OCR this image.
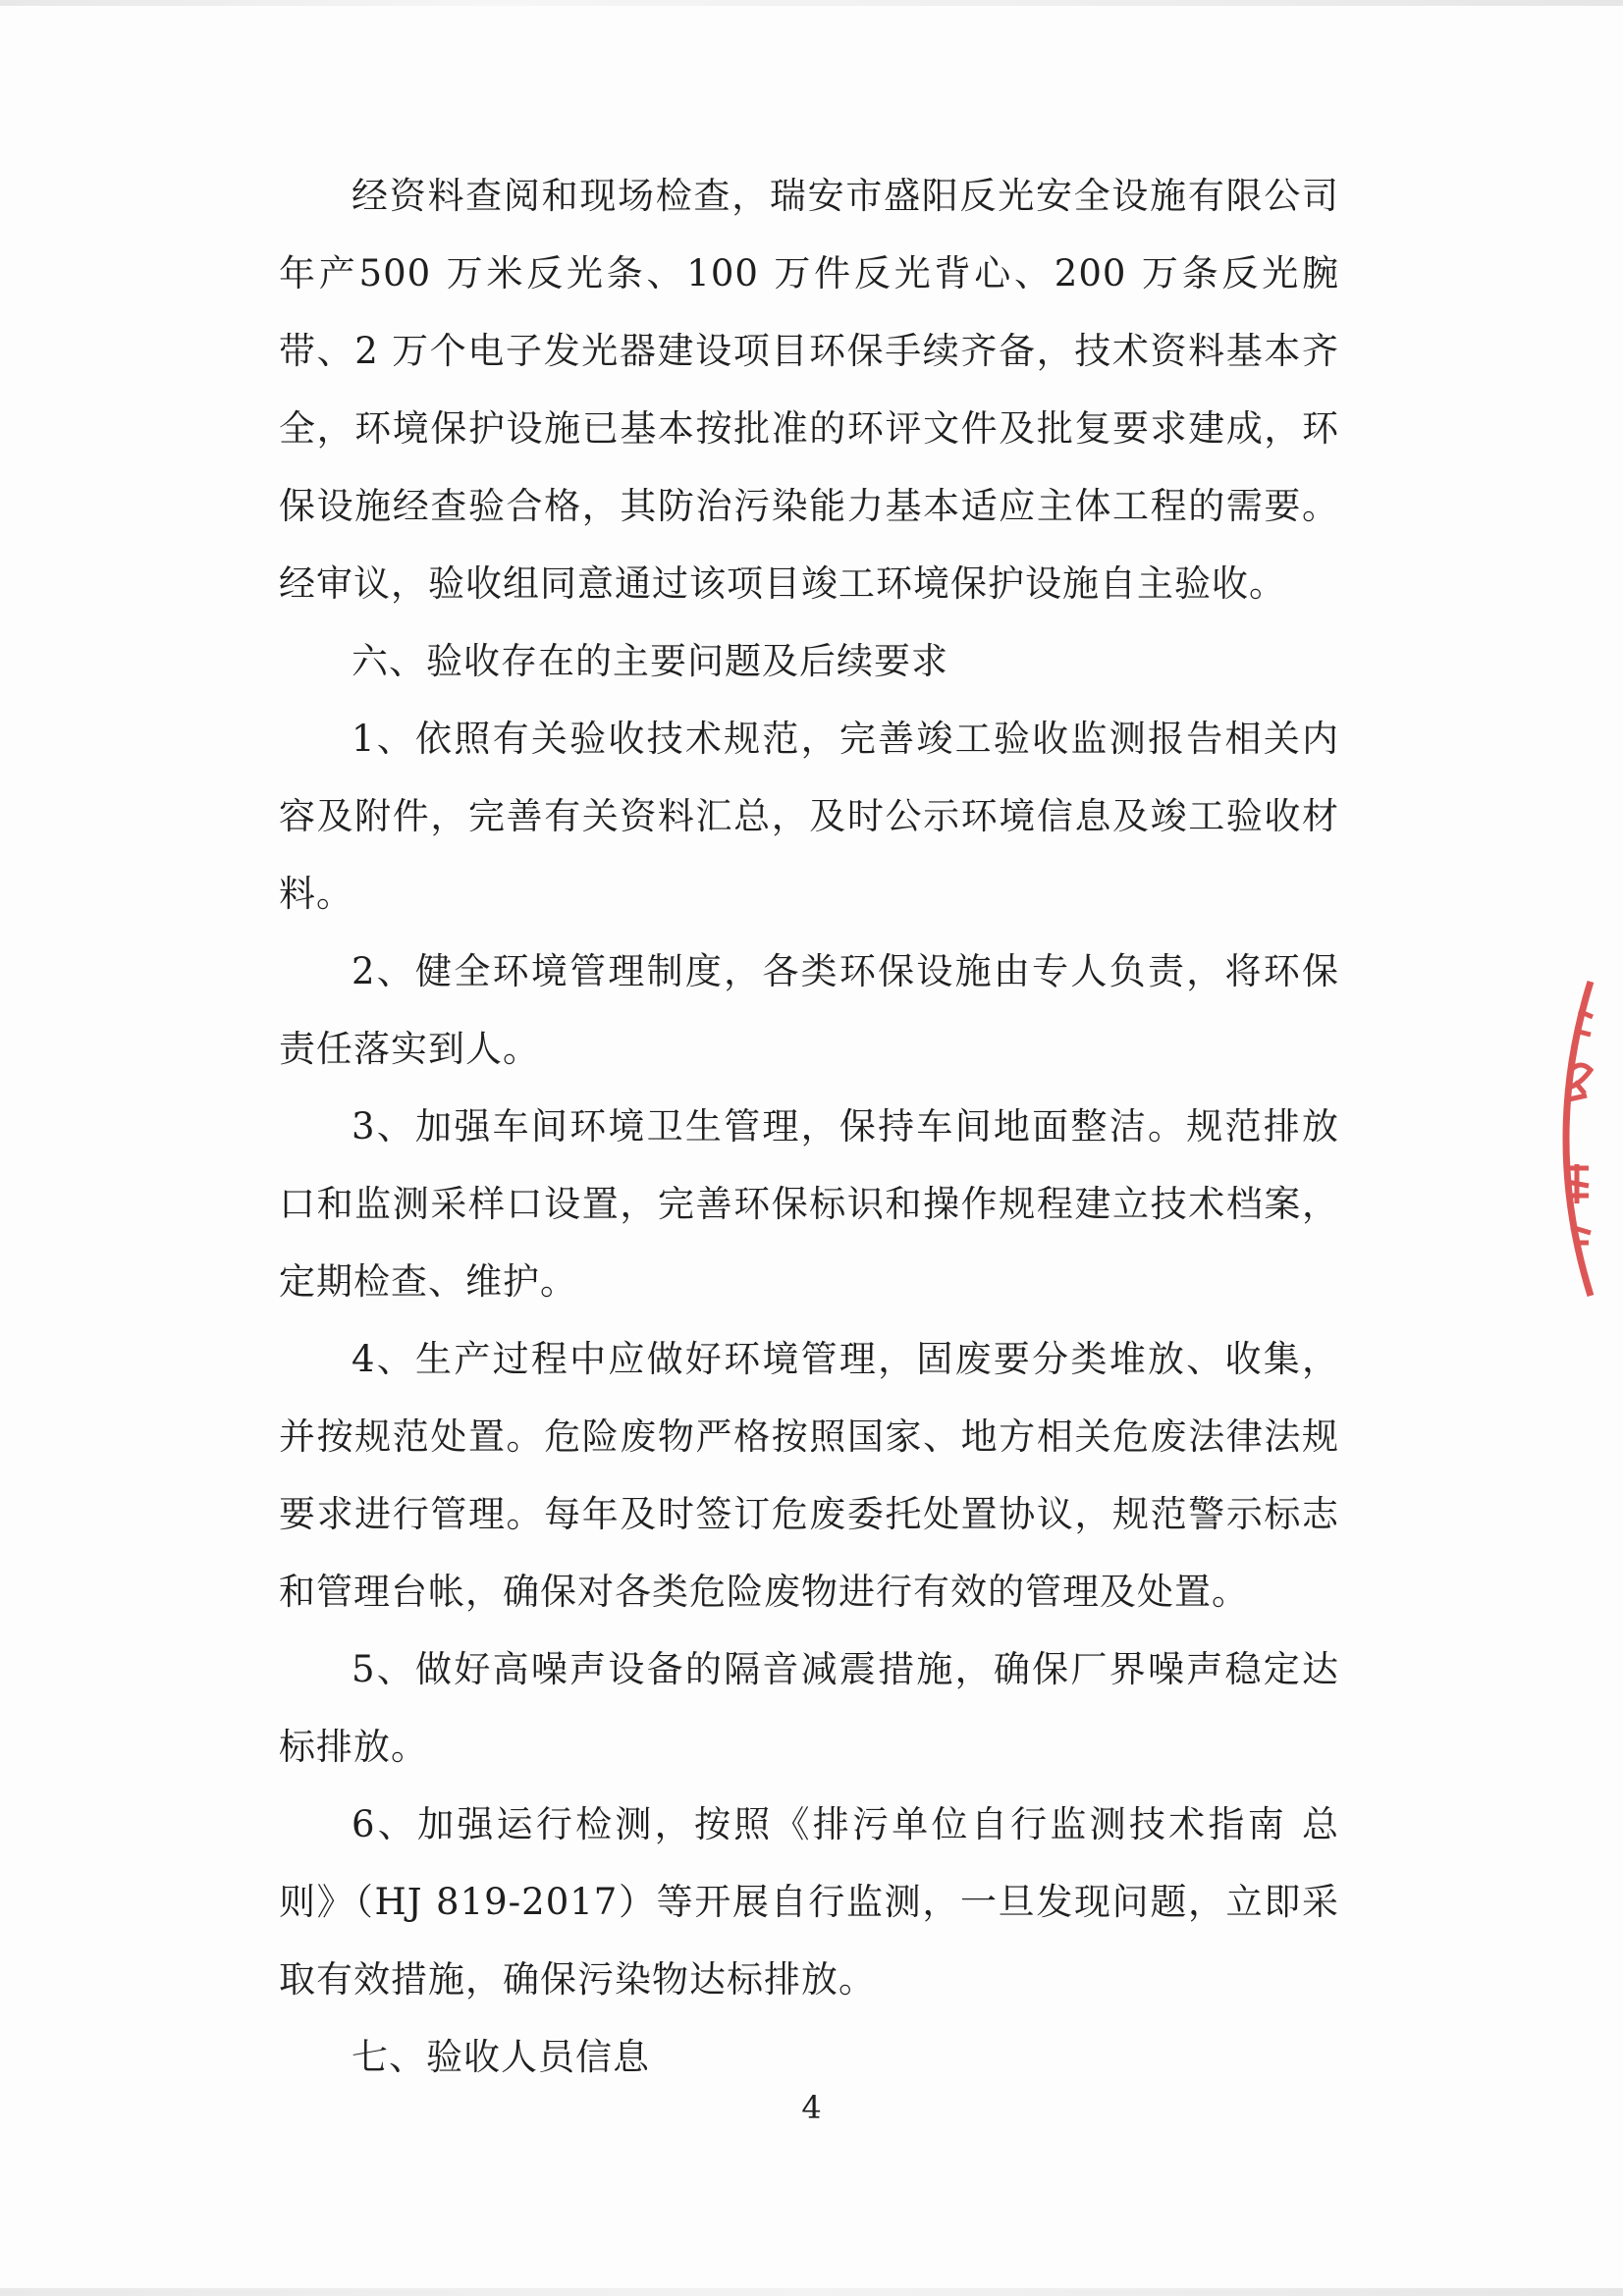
经资料查阅和现场检查，瑞安市盛阳反光安全设施有限公司年产500 万米反光条、100 万件反光背心、200 万条反光腕带、2 万个电子发光器建设项目环保手续齐备，技术资料基本齐全，环境保护设施已基本按批准的环评文件及批复要求建成，环保设施经查验合格，其防治污染能力基本适应主体工程的需要。经审议，验收组同意通过该项目竣工环境保护设施自主验收。

六、验收存在的主要问题及后续要求

1、依照有关验收技术规范，完善竣工验收监测报告相关内容及附件，完善有关资料汇总，及时公示环境信息及竣工验收材料。

2、健全环境管理制度，各类环保设施由专人负责，将环保责任落实到人。

3、加强车间环境卫生管理，保持车间地面整洁。规范排放口和监测采样口设置，完善环保标识和操作规程建立技术档案，定期检查、维护。

4、生产过程中应做好环境管理，固废要分类堆放、收集，并按规范处置。危险废物严格按照国家、地方相关危废法律法规要求进行管理。每年及时签订危废委托处置协议，规范警示标志和管理台帐，确保对各类危险废物进行有效的管理及处置。

5、做好高噪声设备的隔音减震措施，确保厂界噪声稳定达标排放。

6、加强运行检测，按照《排污单位自行监测技术指南 总则》（HJ 819-2017）等开展自行监测，一旦发现问题，立即采取有效措施，确保污染物达标排放。

七、验收人员信息

4
